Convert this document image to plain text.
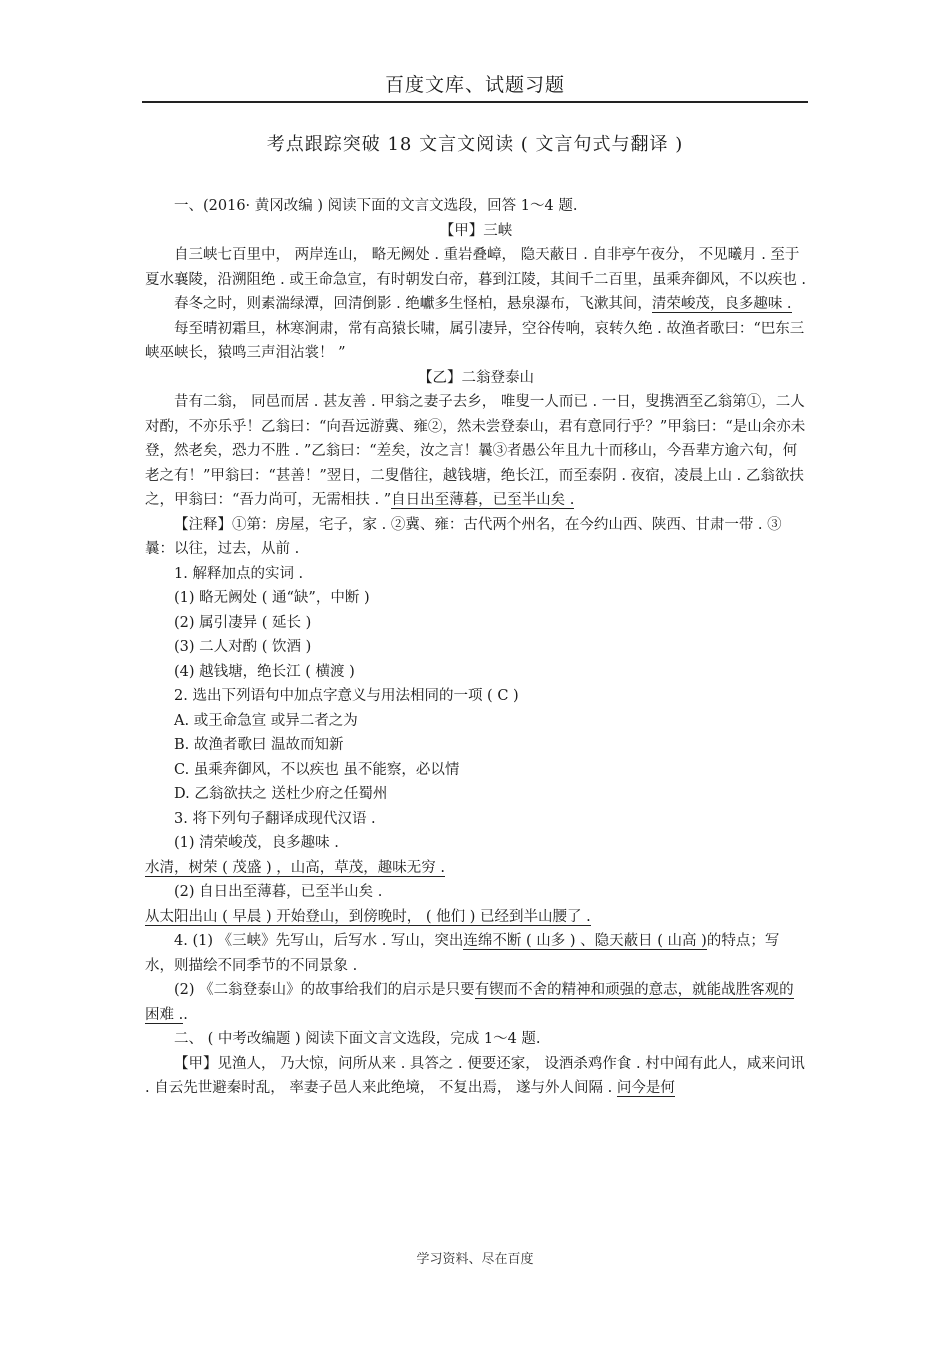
百度文库、试题习题
考点跟踪突破 18 文言文阅读 ( 文言句式与翻译 )

一、(2016· 黄冈改编 ) 阅读下面的文言文选段，回答 1～4 题.

【甲】三峡

自三峡七百里中， 两岸连山， 略无阙处 . 重岩叠嶂， 隐天蔽日 . 自非亭午夜分， 不见曦月 . 至于夏水襄陵，沿溯阻绝 . 或王命急宣，有时朝发白帝，暮到江陵，其间千二百里，虽乘奔御风，不以疾也 .

春冬之时，则素湍绿潭，回清倒影 . 绝巘多生怪柏，悬泉瀑布，飞漱其间，清荣峻茂，良多趣味 .

每至晴初霜旦，林寒涧肃，常有高猿长啸，属引凄异，空谷传响，哀转久绝 . 故渔者歌曰：“巴东三峡巫峡长，猿鸣三声泪沾裳！ ”

【乙】二翁登泰山

昔有二翁， 同邑而居 . 甚友善 . 甲翁之妻子去乡， 唯叟一人而已 . 一日，叟携酒至乙翁第①，二人对酌，不亦乐乎！乙翁曰：“向吾远游冀、雍②，然未尝登泰山，君有意同行乎？”甲翁曰：“是山余亦未登，然老矣，恐力不胜 . ”乙翁曰：“差矣，汝之言！曩③者愚公年且九十而移山，今吾辈方逾六旬，何老之有！”甲翁曰：“甚善！”翌日，二叟偕往，越钱塘，绝长江，而至泰阴 . 夜宿，凌晨上山 . 乙翁欲扶之，甲翁曰：“吾力尚可，无需相扶 . ”自日出至薄暮，已至半山矣 .

【注释】①第：房屋，宅子，家 . ②冀、雍：古代两个州名，在今约山西、陕西、甘肃一带 . ③曩：以往，过去，从前 .

1. 解释加点的实词 .

(1) 略无阙处 ( 通“缺”，中断 )

(2) 属引凄异 ( 延长 )

(3) 二人对酌 ( 饮酒 )

(4) 越钱塘，绝长江 ( 横渡 )

2. 选出下列语句中加点字意义与用法相同的一项 ( C )

A. 或王命急宣 或异二者之为

B. 故渔者歌曰 温故而知新

C. 虽乘奔御风，不以疾也 虽不能察，必以情

D. 乙翁欲扶之 送杜少府之任蜀州

3. 将下列句子翻译成现代汉语 .

(1) 清荣峻茂，良多趣味 .

水清，树荣 ( 茂盛 ) ，山高，草茂，趣味无穷 .

(2) 自日出至薄暮，已至半山矣 .

从太阳出山 ( 早晨 ) 开始登山，到傍晚时， ( 他们 ) 已经到半山腰了 .

4. (1) 《三峡》先写山，后写水 . 写山，突出连绵不断 ( 山多 ) 、隐天蔽日 ( 山高 )的特点；写水，则描绘不同季节的不同景象 .

(2) 《二翁登泰山》的故事给我们的启示是只要有锲而不舍的精神和顽强的意志，就能战胜客观的困难 ..

二、 ( 中考改编题 ) 阅读下面文言文选段，完成 1～4 题.

【甲】见渔人， 乃大惊，问所从来 . 具答之 . 便要还家， 设酒杀鸡作食 . 村中闻有此人，咸来问讯 . 自云先世避秦时乱， 率妻子邑人来此绝境， 不复出焉， 遂与外人间隔 . 问今是何

学习资料、尽在百度
